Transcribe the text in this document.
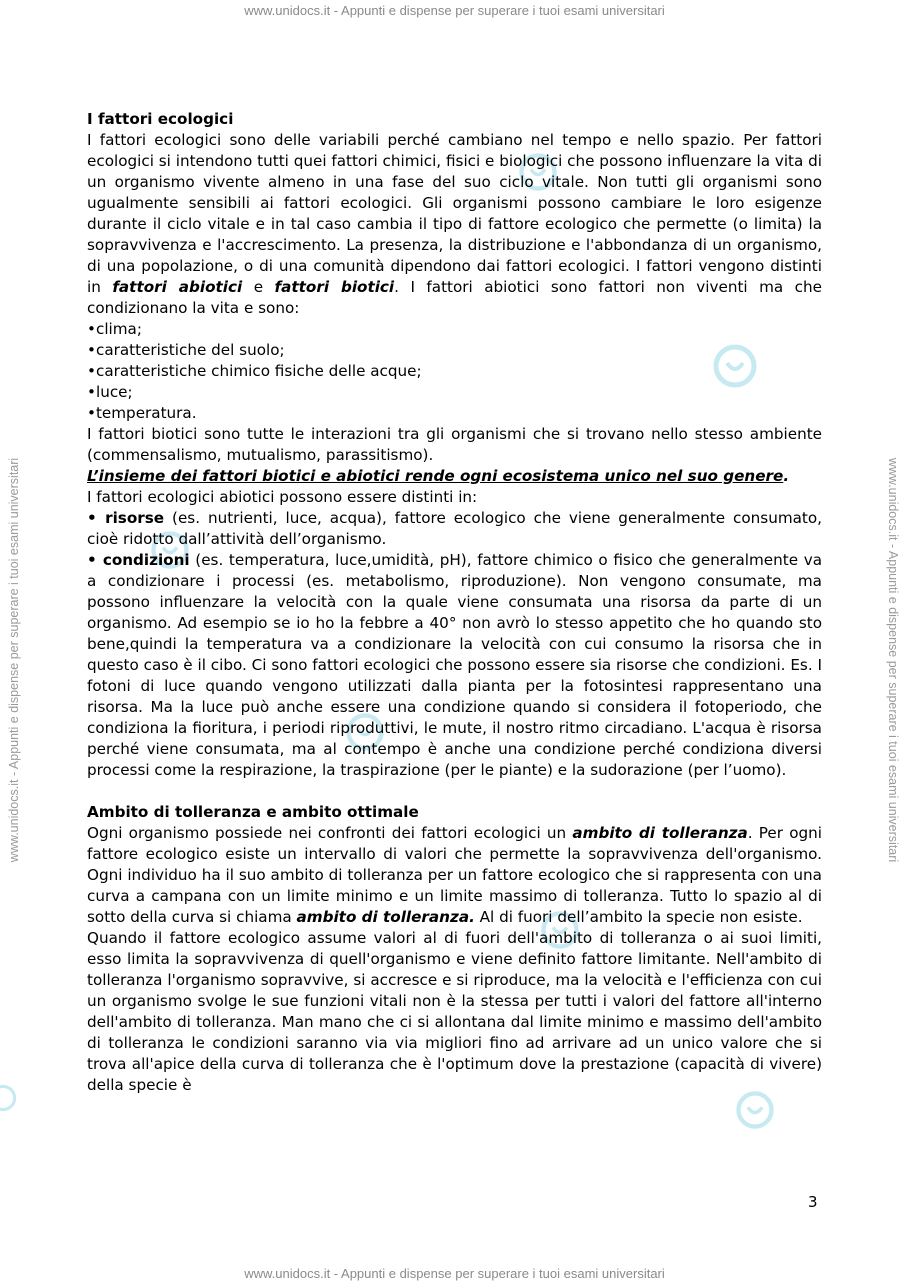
www.unidocs.it - Appunti e dispense per superare i tuoi esami universitari
www.unidocs.it - Appunti e dispense per superare i tuoi esami universitari	www.unidocs.it - Appunti e dispense per superare i tuoi esami universitari
I fattori ecologici

I fattori ecologici sono delle variabili perché cambiano nel tempo e nello spazio. Per fattori ecologici si intendono tutti quei fattori chimici, fisici e biologici che possono influenzare la vita di un organismo vivente almeno in una fase del suo ciclo vitale. Non tutti gli organismi sono ugualmente sensibili ai fattori ecologici. Gli organismi possono cambiare le loro esigenze durante il ciclo vitale e in tal caso cambia il tipo di fattore ecologico che permette (o limita) la sopravvivenza e l'accrescimento. La presenza, la distribuzione e l'abbondanza di un organismo, di una popolazione, o di una comunità dipendono dai fattori ecologici. I fattori vengono distinti in fattori abiotici e fattori biotici. I fattori abiotici sono fattori non viventi ma che condizionano la vita e sono:

• clima;
• caratteristiche del suolo;
• caratteristiche chimico fisiche delle acque;
• luce;
• temperatura.

I fattori biotici sono tutte le interazioni tra gli organismi che si trovano nello stesso ambiente (commensalismo, mutualismo, parassitismo).

L’insieme dei fattori biotici e abiotici rende ogni ecosistema unico nel suo genere.

I fattori ecologici abiotici possono essere distinti in:

• risorse (es. nutrienti, luce, acqua), fattore ecologico che viene generalmente consumato, cioè ridotto dall’attività dell’organismo.

• condizioni (es. temperatura, luce,umidità, pH), fattore chimico o fisico che generalmente va a condizionare i processi (es. metabolismo, riproduzione). Non vengono consumate, ma possono influenzare la velocità con la quale viene consumata una risorsa da parte di un organismo. Ad esempio se io ho la febbre a 40° non avrò lo stesso appetito che ho quando sto bene,quindi la temperatura va a condizionare la velocità con cui consumo la risorsa che in questo caso è il cibo. Ci sono fattori ecologici che possono essere sia risorse che condizioni. Es. I fotoni di luce quando vengono utilizzati dalla pianta per la fotosintesi rappresentano una risorsa. Ma la luce può anche essere una condizione quando si considera il fotoperiodo, che condiziona la fioritura, i periodi riproduttivi, le mute, il nostro ritmo circadiano. L'acqua è risorsa perché viene consumata, ma al contempo è anche una condizione perché condiziona diversi processi come la respirazione, la traspirazione (per le piante) e la sudorazione (per l’uomo).

Ambito di tolleranza e ambito ottimale

Ogni organismo possiede nei confronti dei fattori ecologici un ambito di tolleranza. Per ogni fattore ecologico esiste un intervallo di valori che permette la sopravvivenza dell'organismo. Ogni individuo ha il suo ambito di tolleranza per un fattore ecologico che si rappresenta con una curva a campana con un limite minimo e un limite massimo di tolleranza. Tutto lo spazio al di sotto della curva si chiama ambito di tolleranza. Al di fuori dell’ambito la specie non esiste.

Quando il fattore ecologico assume valori al di fuori dell'ambito di tolleranza o ai suoi limiti, esso limita la sopravvivenza di quell'organismo e viene definito fattore limitante. Nell'ambito di tolleranza l'organismo sopravvive, si accresce e si riproduce, ma la velocità e l'efficienza con cui un organismo svolge le sue funzioni vitali non è la stessa per tutti i valori del fattore all'interno dell'ambito di tolleranza. Man mano che ci si allontana dal limite minimo e massimo dell'ambito di tolleranza le condizioni saranno via via migliori fino ad arrivare ad un unico valore che si trova all'apice della curva di tolleranza che è l'optimum dove la prestazione (capacità di vivere) della specie è

3
www.unidocs.it - Appunti e dispense per superare i tuoi esami universitari
